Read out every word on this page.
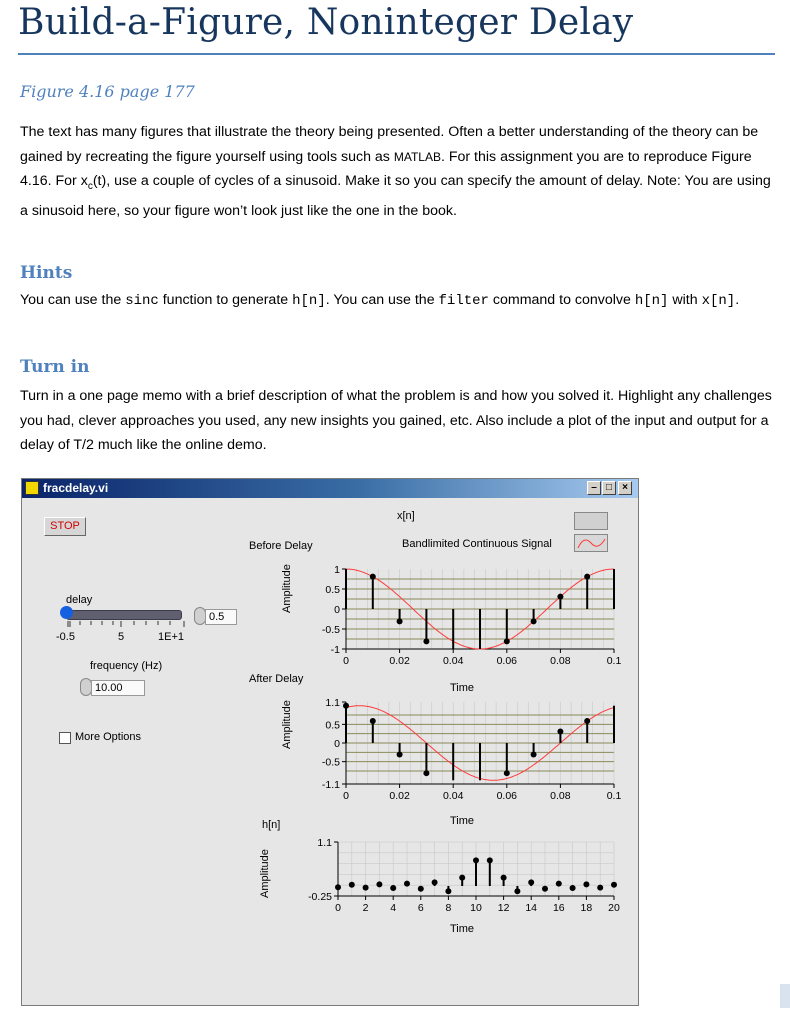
Build-a-Figure, Noninteger Delay
Figure 4.16 page 177
The text has many figures that illustrate the theory being presented. Often a better understanding of the theory can be gained by recreating the figure yourself using tools such as MATLAB. For this assignment you are to reproduce Figure 4.16. For $x_c(t)$, use a couple of cycles of a sinusoid. Make it so you can specify the amount of delay. Note: You are using a sinusoid here, so your figure won’t look just like the one in the book.
Hints
You can use the sinc function to generate h[n]. You can use the filter command to convolve h[n] with x[n].
Turn in
Turn in a one page memo with a brief description of what the problem is and how you solved it. Highlight any challenges you had, clever approaches you used, any new insights you gained, etc. Also include a plot of the input and output for a delay of T/2 much like the online demo.
fracdelay.vi	– □	×
STOP
delay
-0.5	5	1E+1
0.5
frequency (Hz)
10.00
More Options
x[n]
Bandlimited Continuous Signal
Before Delay
After Delay
h[n]
Time
Time
Time
Amplitude
Amplitude
Amplitude
0	0.02	0.04	0.06	0.08	0.1
1
0.5
0
-0.5
-1
0	0.02	0.04	0.06	0.08	0.1
1.1
0.5
0
-0.5
-1.1
0 2 4 6 8 10 12 14 16 18 20
1.1
-0.25
